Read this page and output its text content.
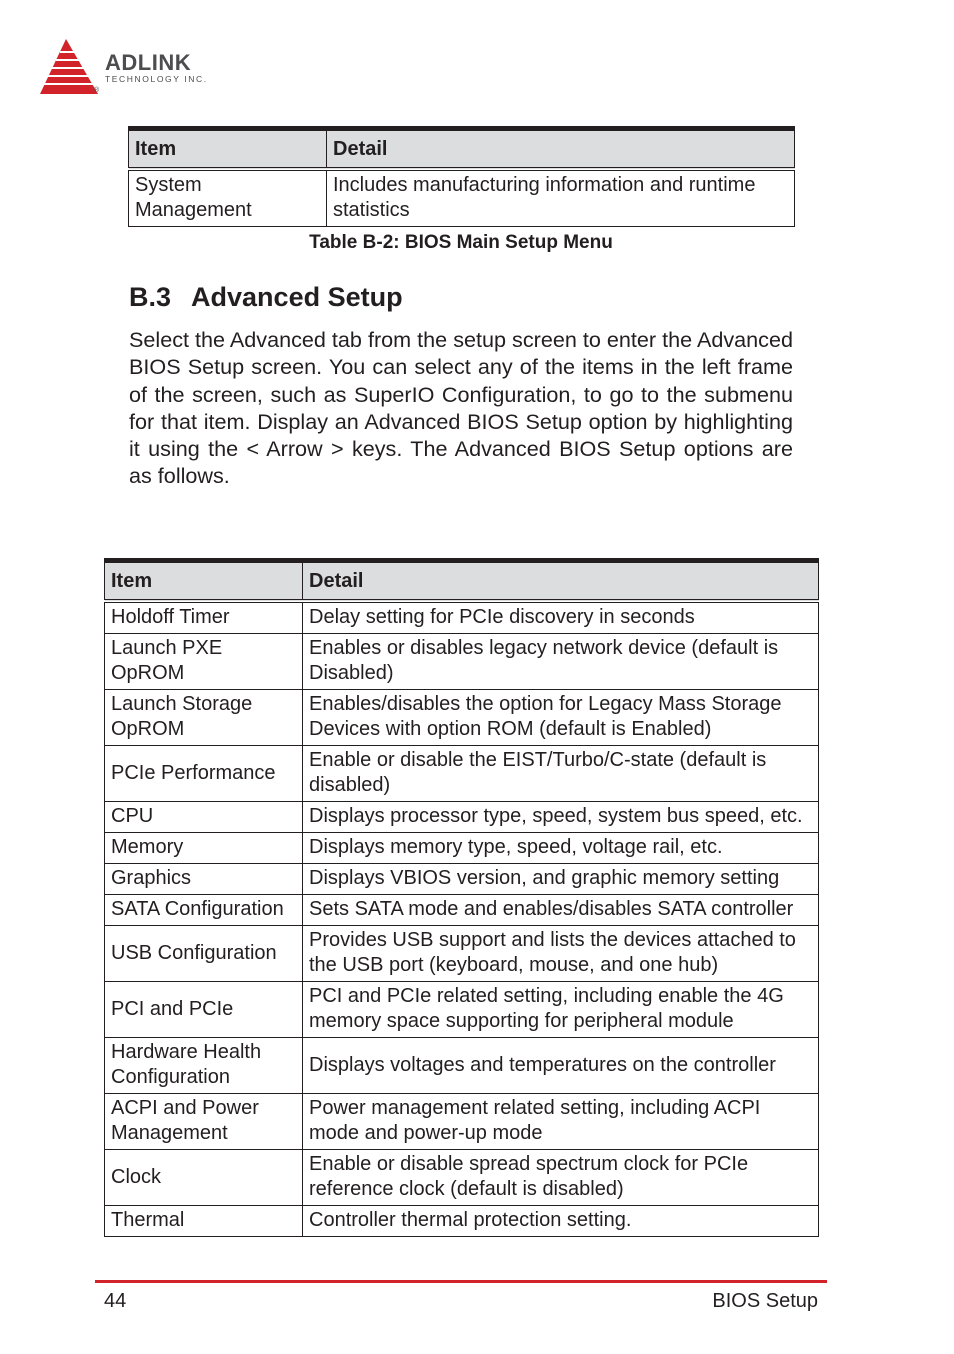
ADLINK
TECHNOLOGY INC.
®
Item	Detail
System Management	Includes manufacturing information and runtime statistics
Table B-2: BIOS Main Setup Menu
B.3 Advanced Setup

Select the Advanced tab from the setup screen to enter the Advanced BIOS Setup screen. You can select any of the items in the left frame of the screen, such as SuperIO Configuration, to go to the submenu for that item. Display an Advanced BIOS Setup option by highlighting it using the < Arrow > keys. The Advanced BIOS Setup options are as follows.

Item	Detail
Holdoff Timer	Delay setting for PCIe discovery in seconds
Launch PXE OpROM	Enables or disables legacy network device (default is Disabled)
Launch Storage OpROM	Enables/disables the option for Legacy Mass Storage Devices with option ROM (default is Enabled)
PCIe Performance	Enable or disable the EIST/Turbo/C-state (default is disabled)
CPU	Displays processor type, speed, system bus speed, etc.
Memory	Displays memory type, speed, voltage rail, etc.
Graphics	Displays VBIOS version, and graphic memory setting
SATA Configuration	Sets SATA mode and enables/disables SATA controller
USB Configuration	Provides USB support and lists the devices attached to the USB port (keyboard, mouse, and one hub)
PCI and PCIe	PCI and PCIe related setting, including enable the 4G memory space supporting for peripheral module
Hardware Health Configuration	Displays voltages and temperatures on the controller
ACPI and Power Management	Power management related setting, including ACPI mode and power-up mode
Clock	Enable or disable spread spectrum clock for PCIe reference clock (default is disabled)
Thermal	Controller thermal protection setting.
44	BIOS Setup
